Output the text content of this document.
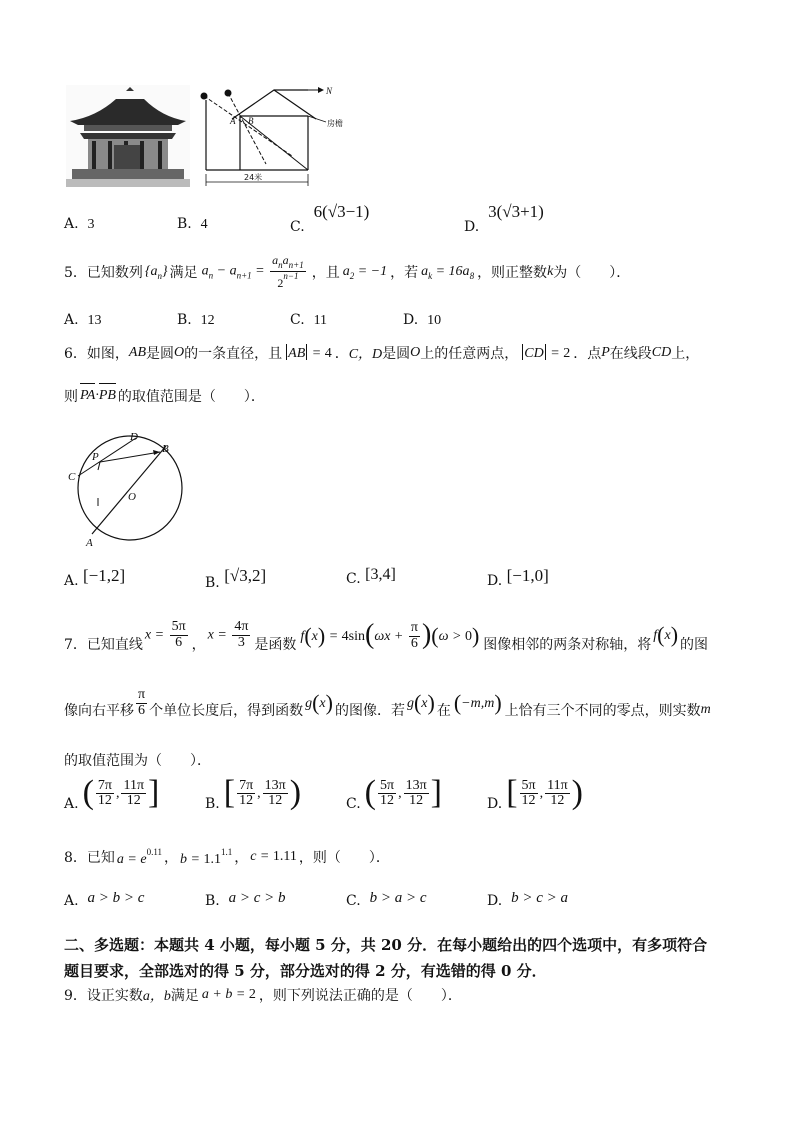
N
房檐
A B
24米
A. 3	B. 4	C.  6(√3−1)
D.  3(√3+1)
5． 已知数列 $\{a_n\}$ 满足 $a_n - a_{n+1} = \frac{a_na_{n+1}}{2^{n-1}}$ ，且 $a_2 = -1$ ，若 $a_k = 16a_8$ ，则正整数 k 为（　　）．
A. 13	B. 12	C. 11	D. 10
6． 如图， AB 是圆 O 的一条直径，且 AB = 4 ． C，D 是圆 O 上的任意两点， CD = 2 ．点 P 在线段 CD 上，
则 PA
·PB 的取值范围是（　　）．
D
B
P
C
O
A
A. [−1,2]	B. [√3,2]	C. [3,4]	D. [−1,0]
7． 已知直线
$x = \frac{5\pi}{6}$ ，
$x = \frac{4\pi}{3}$ 是函数
$f(x) = 4\sin(\omega x + \frac{\pi}{6} )(\omega > 0)$ 图像相邻的两条对称轴，将
f(x) 的图
像向右平移 $\frac{\pi}{6}$ 个单位长度后，得到函数 g(x) 的图像．若 g(x) 在 (−m,m) 上恰有三个不同的零点，则实数 m
的取值范围为（　　）．
A. ( $\frac{7\pi}{12}$ , $\frac{11\pi}{12}$ ]	B. [ $\frac{7\pi}{12}$ , $\frac{13\pi}{12}$ )	C. ( $\frac{5\pi}{12}$ , $\frac{13\pi}{12}$ ]	D. [ $\frac{5\pi}{12}$ , $\frac{11\pi}{12}$ )
8． 已知 $a = e^{0.11}$ ， $b = 1.1^{1.1}$ ， c = 1.11 ，则（　　）．
A. a > b > c	B. a > c > b	C. b > a > c	D. b > c > a
二、多选题：本题共 4 小题，每小题 5 分，共 20 分．在每小题给出的四个选项中，有多项符合
题目要求，全部选对的得 5 分，部分选对的得 2 分，有选错的得 0 分．
9． 设正实数 a，b 满足 a + b = 2 ，则下列说法正确的是（　　）．
